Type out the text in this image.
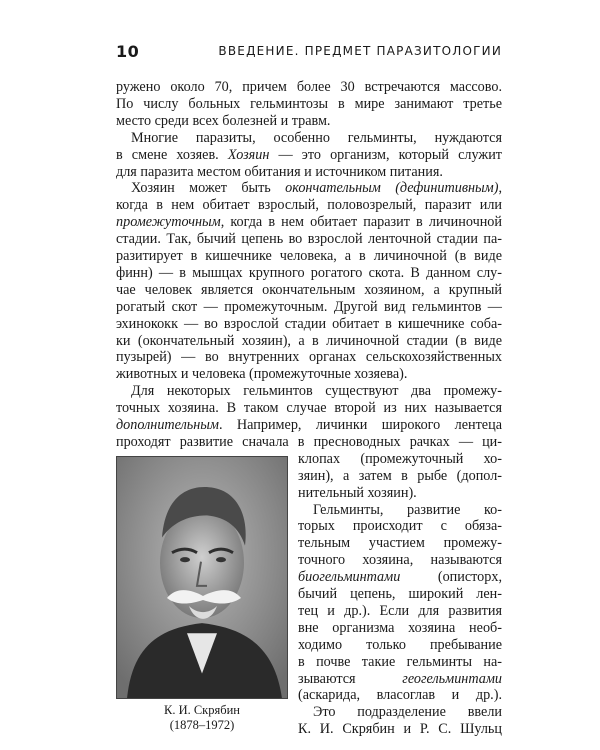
10	ВВЕДЕНИЕ. ПРЕДМЕТ ПАРАЗИТОЛОГИИ
ружено около 70, причем более 30 встречаются массово.
По числу больных гельминтозы в мире занимают третье
место среди всех болезней и травм.
Многие паразиты, особенно гельминты, нуждаются
в смене хозяев. Хозяин — это организм, который служит
для паразита местом обитания и источником питания.
Хозяин может быть окончательным (дефинитивным),
когда в нем обитает взрослый, половозрелый, паразит или
промежуточным, когда в нем обитает паразит в личиночной
стадии. Так, бычий цепень во взрослой ленточной стадии па-
разитирует в кишечнике человека, а в личиночной (в виде
финн) — в мышцах крупного рогатого скота. В данном слу-
чае человек является окончательным хозяином, а крупный
рогатый скот — промежуточным. Другой вид гельминтов —
эхинококк — во взрослой стадии обитает в кишечнике соба-
ки (окончательный хозяин), а в личиночной стадии (в виде
пузырей) — во внутренних органах сельскохозяйственных
животных и человека (промежуточные хозяева).
Для некоторых гельминтов существуют два промежу-
точных хозяина. В таком случае второй из них называется
дополнительным. Например, личинки широкого лентеца
проходят развитие сначала в пресноводных рачках — ци-
клопах (промежуточный хо-
зяин), а затем в рыбе (допол-
нительный хозяин).
Гельминты, развитие ко-
торых происходит с обяза-
тельным участием промежу-
точного хозяина, называются
биогельминтами (описторх,
бычий цепень, широкий лен-
тец и др.). Если для развития
вне организма хозяина необ-
ходимо только пребывание
в почве такие гельминты на-
зываются геогельминтами
(аскарида, власоглав и др.).
Это подразделение ввели
К. И. Скрябин и Р. С. Шульц
К. И. Скрябин
(1878–1972)
